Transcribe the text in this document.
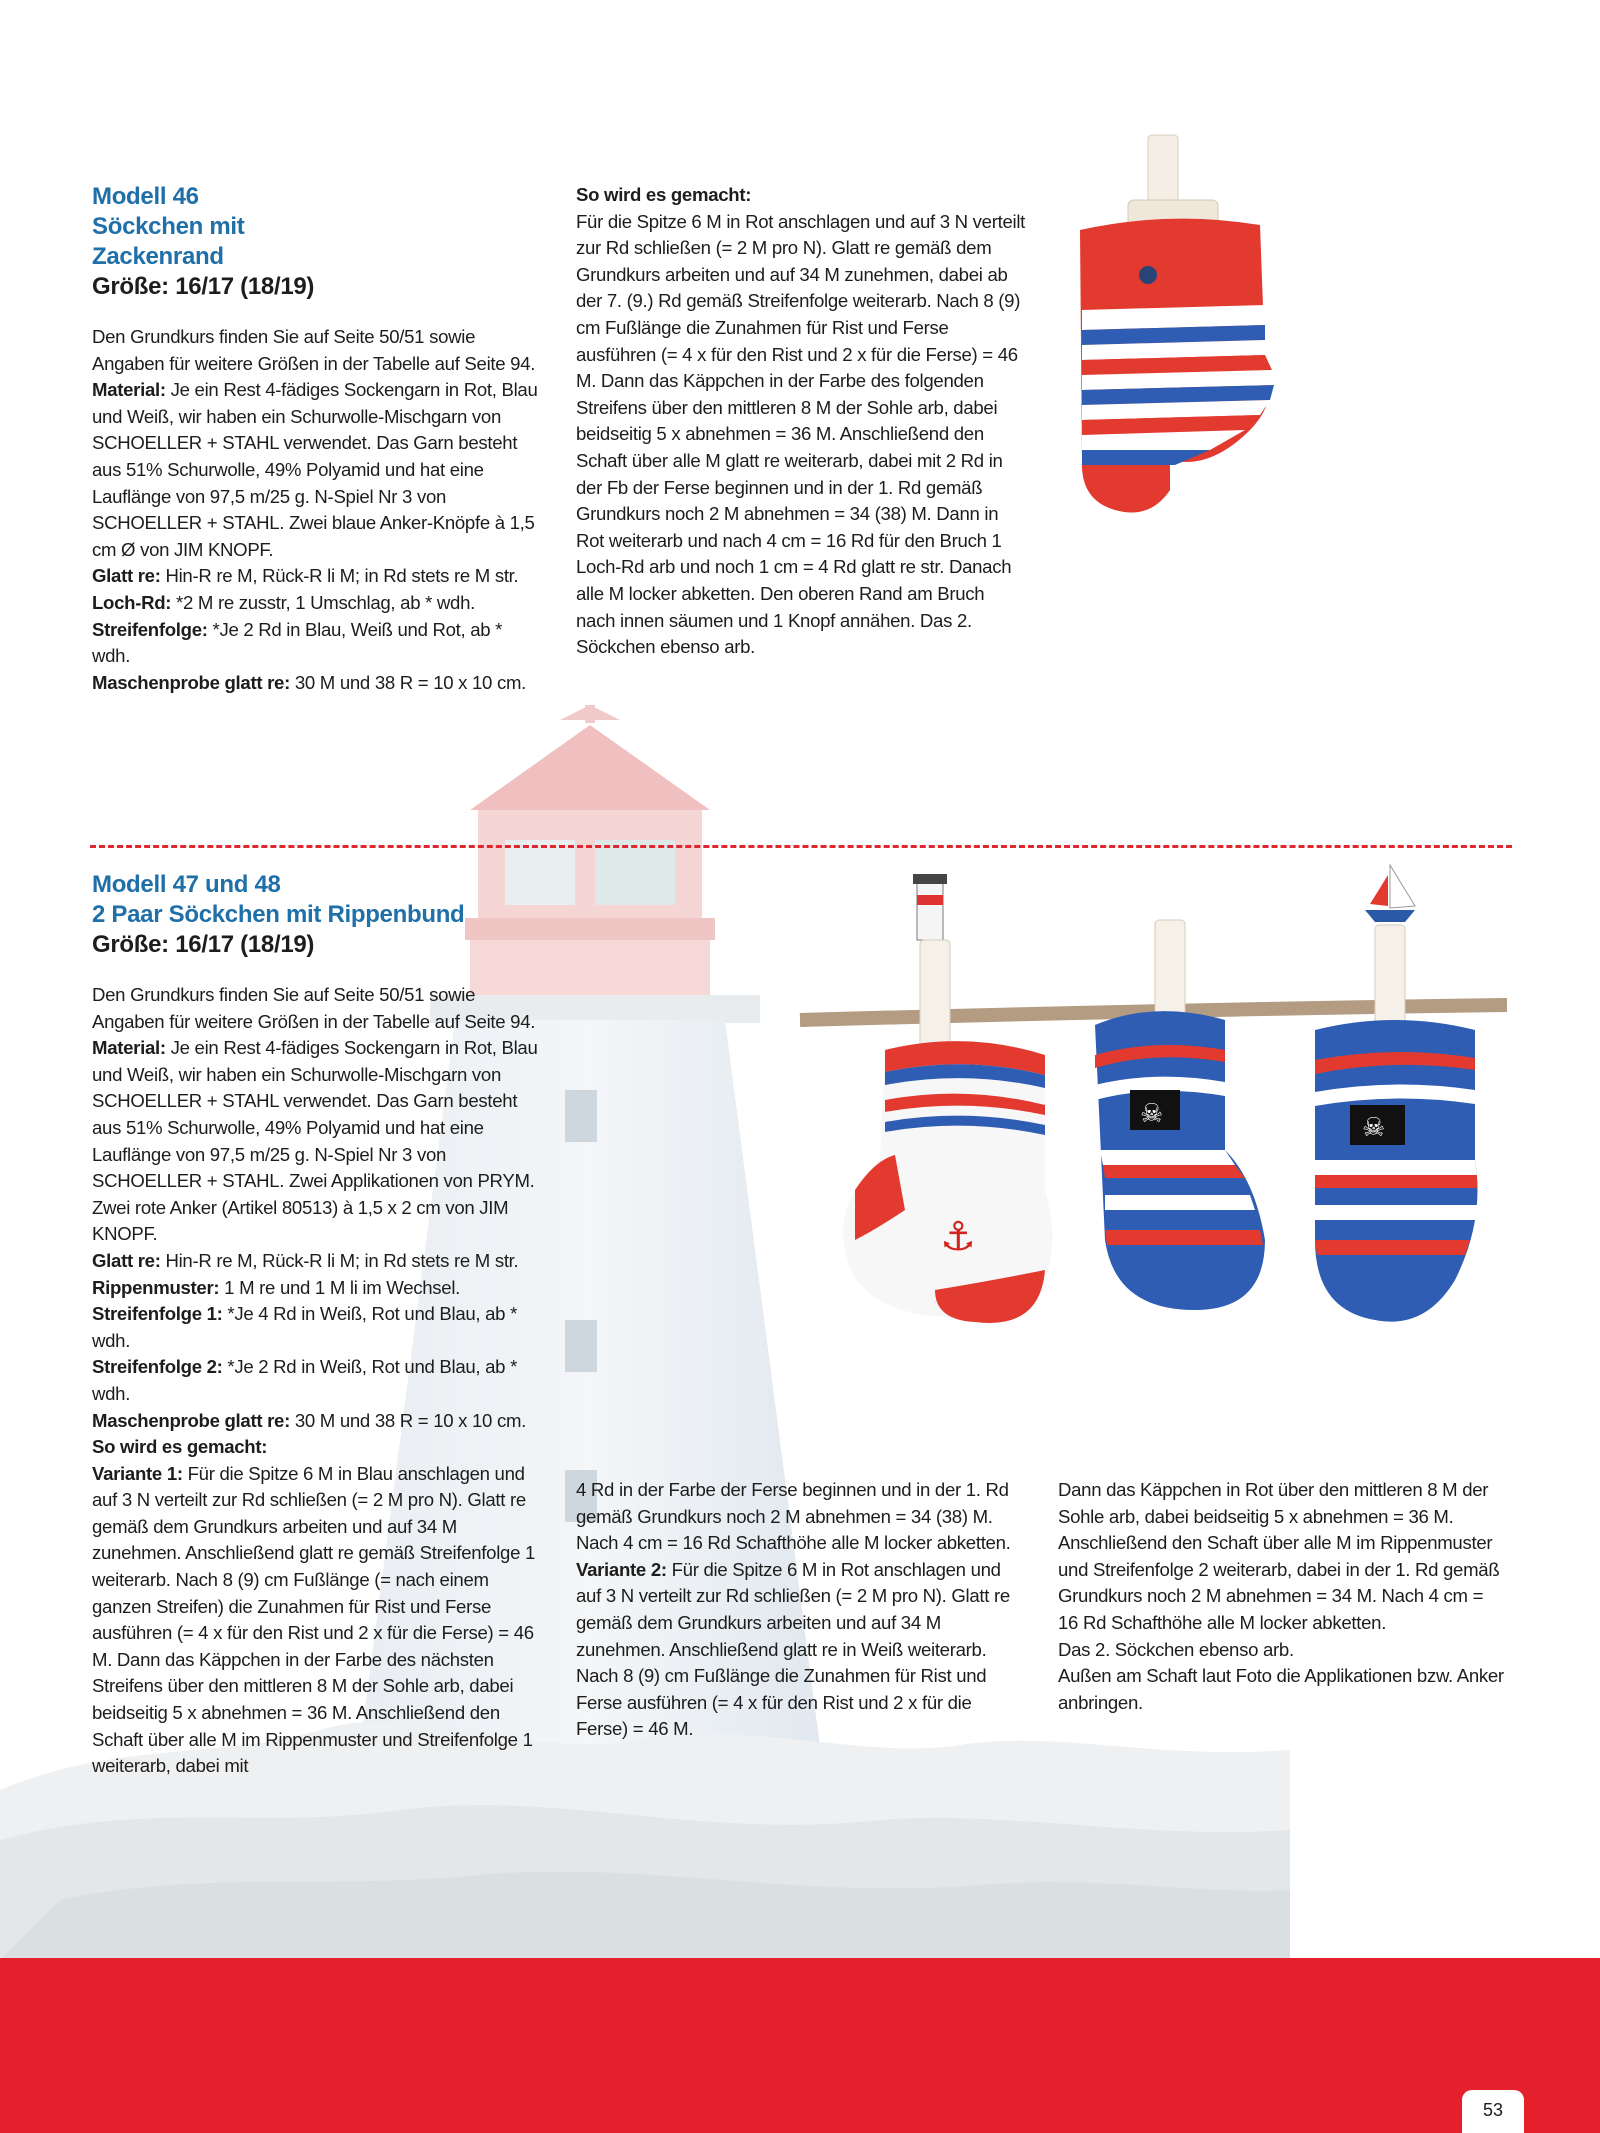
⚓
☠	☠
Modell 46
Söckchen mit
Zackenrand
Größe: 16/17 (18/19)

Den Grundkurs finden Sie auf Seite 50/51 sowie Angaben für weitere Größen in der Tabelle auf Seite 94.

Material: Je ein Rest 4-fädiges Sockengarn in Rot, Blau und Weiß, wir haben ein Schurwolle-Mischgarn von SCHOELLER + STAHL verwendet. Das Garn besteht aus 51% Schurwolle, 49% Polyamid und hat eine Lauflänge von 97,5 m/25 g. N-Spiel Nr 3 von SCHOELLER + STAHL. Zwei blaue Anker-Knöpfe à 1,5 cm Ø von JIM KNOPF.

Glatt re: Hin-R re M, Rück-R li M; in Rd stets re M str.

Loch-Rd: *2 M re zusstr, 1 Umschlag, ab * wdh.

Streifenfolge: *Je 2 Rd in Blau, Weiß und Rot, ab * wdh.

Maschenprobe glatt re: 30 M und 38 R = 10 x 10 cm.

So wird es gemacht:

Für die Spitze 6 M in Rot anschlagen und auf 3 N verteilt zur Rd schließen (= 2 M pro N). Glatt re gemäß dem Grundkurs arbeiten und auf 34 M zunehmen, dabei ab der 7. (9.) Rd gemäß Streifenfolge weiterarb. Nach 8 (9) cm Fußlänge die Zunahmen für Rist und Ferse ausführen (= 4 x für den Rist und 2 x für die Ferse) = 46 M. Dann das Käppchen in der Farbe des folgenden Streifens über den mittleren 8 M der Sohle arb, dabei beidseitig 5 x abnehmen = 36 M. Anschließend den Schaft über alle M glatt re weiterarb, dabei mit 2 Rd in der Fb der Ferse beginnen und in der 1. Rd gemäß Grundkurs noch 2 M abnehmen = 34 (38) M. Dann in Rot weiterarb und nach 4 cm = 16 Rd für den Bruch 1 Loch-Rd arb und noch 1 cm = 4 Rd glatt re str. Danach alle M locker abketten. Den oberen Rand am Bruch nach innen säumen und 1 Knopf annähen. Das 2. Söckchen ebenso arb.

Modell 47 und 48
2 Paar Söckchen mit Rippenbund
Größe: 16/17 (18/19)

Den Grundkurs finden Sie auf Seite 50/51 sowie Angaben für weitere Größen in der Tabelle auf Seite 94.

Material: Je ein Rest 4-fädiges Sockengarn in Rot, Blau und Weiß, wir haben ein Schurwolle-Mischgarn von SCHOELLER + STAHL verwendet. Das Garn besteht aus 51% Schurwolle, 49% Polyamid und hat eine Lauflänge von 97,5 m/25 g. N-Spiel Nr 3 von SCHOELLER + STAHL. Zwei Applikationen von PRYM. Zwei rote Anker (Artikel 80513) à 1,5 x 2 cm von JIM KNOPF.

Glatt re: Hin-R re M, Rück-R li M; in Rd stets re M str.

Rippenmuster: 1 M re und 1 M li im Wechsel.

Streifenfolge 1: *Je 4 Rd in Weiß, Rot und Blau, ab * wdh.

Streifenfolge 2: *Je 2 Rd in Weiß, Rot und Blau, ab * wdh.

Maschenprobe glatt re: 30 M und 38 R = 10 x 10 cm.

So wird es gemacht:

Variante 1: Für die Spitze 6 M in Blau anschlagen und auf 3 N verteilt zur Rd schließen (= 2 M pro N). Glatt re gemäß dem Grundkurs arbeiten und auf 34 M zunehmen. Anschließend glatt re gemäß Streifenfolge 1 weiterarb. Nach 8 (9) cm Fußlänge (= nach einem ganzen Streifen) die Zunahmen für Rist und Ferse ausführen (= 4 x für den Rist und 2 x für die Ferse) = 46 M. Dann das Käppchen in der Farbe des nächsten Streifens über den mittleren 8 M der Sohle arb, dabei beidseitig 5 x abnehmen = 36 M. Anschließend den Schaft über alle M im Rippenmuster und Streifenfolge 1 weiterarb, dabei mit

4 Rd in der Farbe der Ferse beginnen und in der 1. Rd gemäß Grundkurs noch 2 M abnehmen = 34 (38) M. Nach 4 cm = 16 Rd Schafthöhe alle M locker abketten.

Variante 2: Für die Spitze 6 M in Rot anschlagen und auf 3 N verteilt zur Rd schließen (= 2 M pro N). Glatt re gemäß dem Grundkurs arbeiten und auf 34 M zunehmen. Anschließend glatt re in Weiß weiterarb. Nach 8 (9) cm Fußlänge die Zunahmen für Rist und Ferse ausführen (= 4 x für den Rist und 2 x für die Ferse) = 46 M.

Dann das Käppchen in Rot über den mittleren 8 M der Sohle arb, dabei beidseitig 5 x abnehmen = 36 M. Anschließend den Schaft über alle M im Rippenmuster und Streifenfolge 2 weiterarb, dabei in der 1. Rd gemäß Grundkurs noch 2 M abnehmen = 34 M. Nach 4 cm = 16 Rd Schafthöhe alle M locker abketten.

Das 2. Söckchen ebenso arb.

Außen am Schaft laut Foto die Applikationen bzw. Anker anbringen.

53
